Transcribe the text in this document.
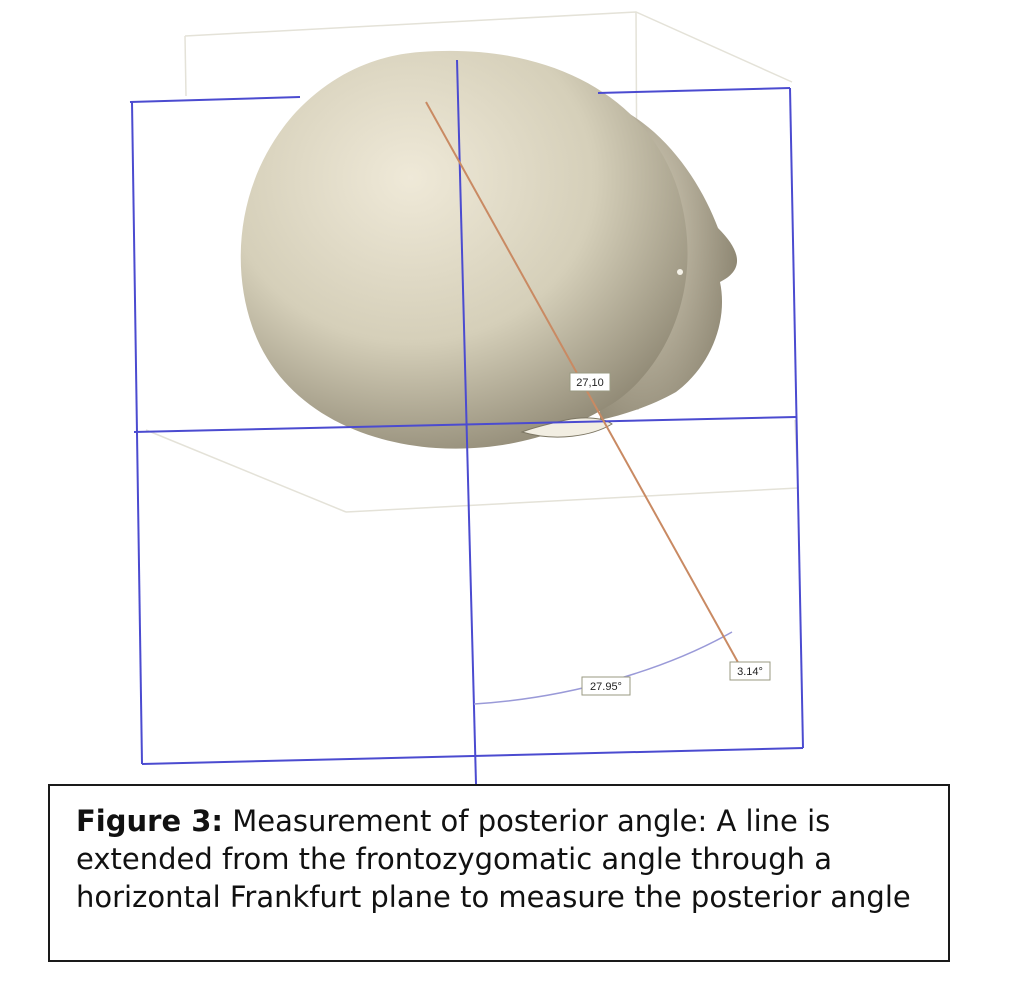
27,10
27.95°
3.14°
Figure 3: Measurement of posterior angle: A line is extended from the frontozygomatic angle through a horizontal Frankfurt plane to measure the posterior angle
